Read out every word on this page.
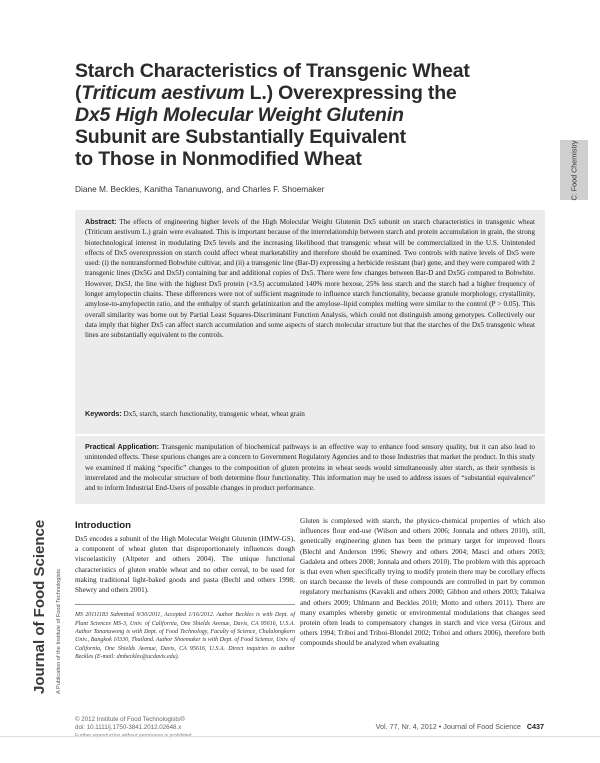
Starch Characteristics of Transgenic Wheat
(Triticum aestivum L.) Overexpressing the
Dx5 High Molecular Weight Glutenin
Subunit are Substantially Equivalent
to Those in Nonmodified Wheat
Diane M. Beckles, Kanitha Tananuwong, and Charles F. Shoemaker	C: Food Chemistry

Abstract: The effects of engineering higher levels of the High Molecular Weight Glutenin Dx5 subunit on starch characteristics in transgenic wheat (Triticum aestivum L.) grain were evaluated. This is important because of the interrelationship between starch and protein accumulation in grain, the strong biotechnological interest in modulating Dx5 levels and the increasing likelihood that transgenic wheat will be commercialized in the U.S. Unintended effects of Dx5 overexpression on starch could affect wheat marketability and therefore should be examined. Two controls with native levels of Dx5 were used: (i) the nontransformed Bobwhite cultivar, and (ii) a transgenic line (Bar-D) expressing a herbicide resistant (bar) gene, and they were compared with 2 transgenic lines (Dx5G and Dx5J) containing bar and additional copies of Dx5. There were few changes between Bar-D and Dx5G compared to Bobwhite. However, Dx5J, the line with the highest Dx5 protein (×3.5) accumulated 140% more hexose, 25% less starch and the starch had a higher frequency of longer amylopectin chains. These differences were not of sufficient magnitude to influence starch functionality, because granule morphology, crystallinity, amylose-to-amylopectin ratio, and the enthalpy of starch gelatinization and the amylose–lipid complex melting were similar to the control (P > 0.05). This overall similarity was borne out by Partial Least Squares-Discriminant Function Analysis, which could not distinguish among genotypes. Collectively our data imply that higher Dx5 can affect starch accumulation and some aspects of starch molecular structure but that the starches of the Dx5 transgenic wheat lines are substantially equivalent to the controls.

Keywords: Dx5, starch, starch functionality, transgenic wheat, wheat grain

Practical Application: Transgenic manipulation of biochemical pathways is an effective way to enhance food sensory quality, but it can also lead to unintended effects. These spurious changes are a concern to Government Regulatory Agencies and to those Industries that market the product. In this study we examined if making “specific” changes to the composition of gluten proteins in wheat seeds would simultaneously alter starch, as their synthesis is interrelated and the molecular structure of both determine flour functionality. This information may be used to address issues of “substantial equivalence” and to inform Industrial End-Users of possible changes in product performance.

Journal of Food Science A Publication of the Institute of Food Technologists
Introduction

Dx5 encodes a subunit of the High Molecular Weight Glutenin (HMW-GS), a component of wheat gluten that disproportionately influences dough viscoelasticity (Altpeter and others 2004). The unique functional characteristics of gluten enable wheat and no other cereal, to be used for making traditional light-baked goods and pasta (Bechl and others 1998; Shewry and others 2001).

MS 20111183 Submitted 9/30/2011, Accepted 1/16/2012. Author Beckles is with Dept. of Plant Sciences MS-3, Univ. of California, One Shields Avenue, Davis, CA 95616, U.S.A. Author Tananuwong is with Dept. of Food Technology, Faculty of Science, Chulalongkorn Univ., Bangkok 10330, Thailand. Author Shoemaker is with Dept. of Food Science, Univ. of California, One Shields Avenue, Davis, CA 95616, U.S.A. Direct inquiries to author Beckles (E-mail: dmbeckles@ucdavis.edu).

Gluten is complexed with starch, the physico-chemical properties of which also influences flour end-use (Wilson and others 2006; Jonnala and others 2010), still, genetically engineering gluten has been the primary target for improved flours (Blechl and Anderson 1996; Shewry and others 2004; Masci and others 2003; Gadaleta and others 2008; Jonnala and others 2010). The problem with this approach is that even when specifically trying to modify protein there may be corollary effects on starch because the levels of these compounds are controlled in part by common regulatory mechanisms (Kavakli and others 2000; Gibbon and others 2003; Takaiwa and others 2009; Uhlmann and Beckles 2010; Motto and others 2011). There are many examples whereby genetic or environmental modulations that changes seed protein often leads to compensatory changes in starch and vice versa (Giroux and others 1994; Triboi and Triboi-Blondel 2002; Triboi and others 2006), therefore both compounds should be analyzed when evaluating

© 2012 Institute of Food Technologists®
doi: 10.1111/j.1750-3841.2012.02648.x	Vol. 77, Nr. 4, 2012 • Journal of Food Science C437
